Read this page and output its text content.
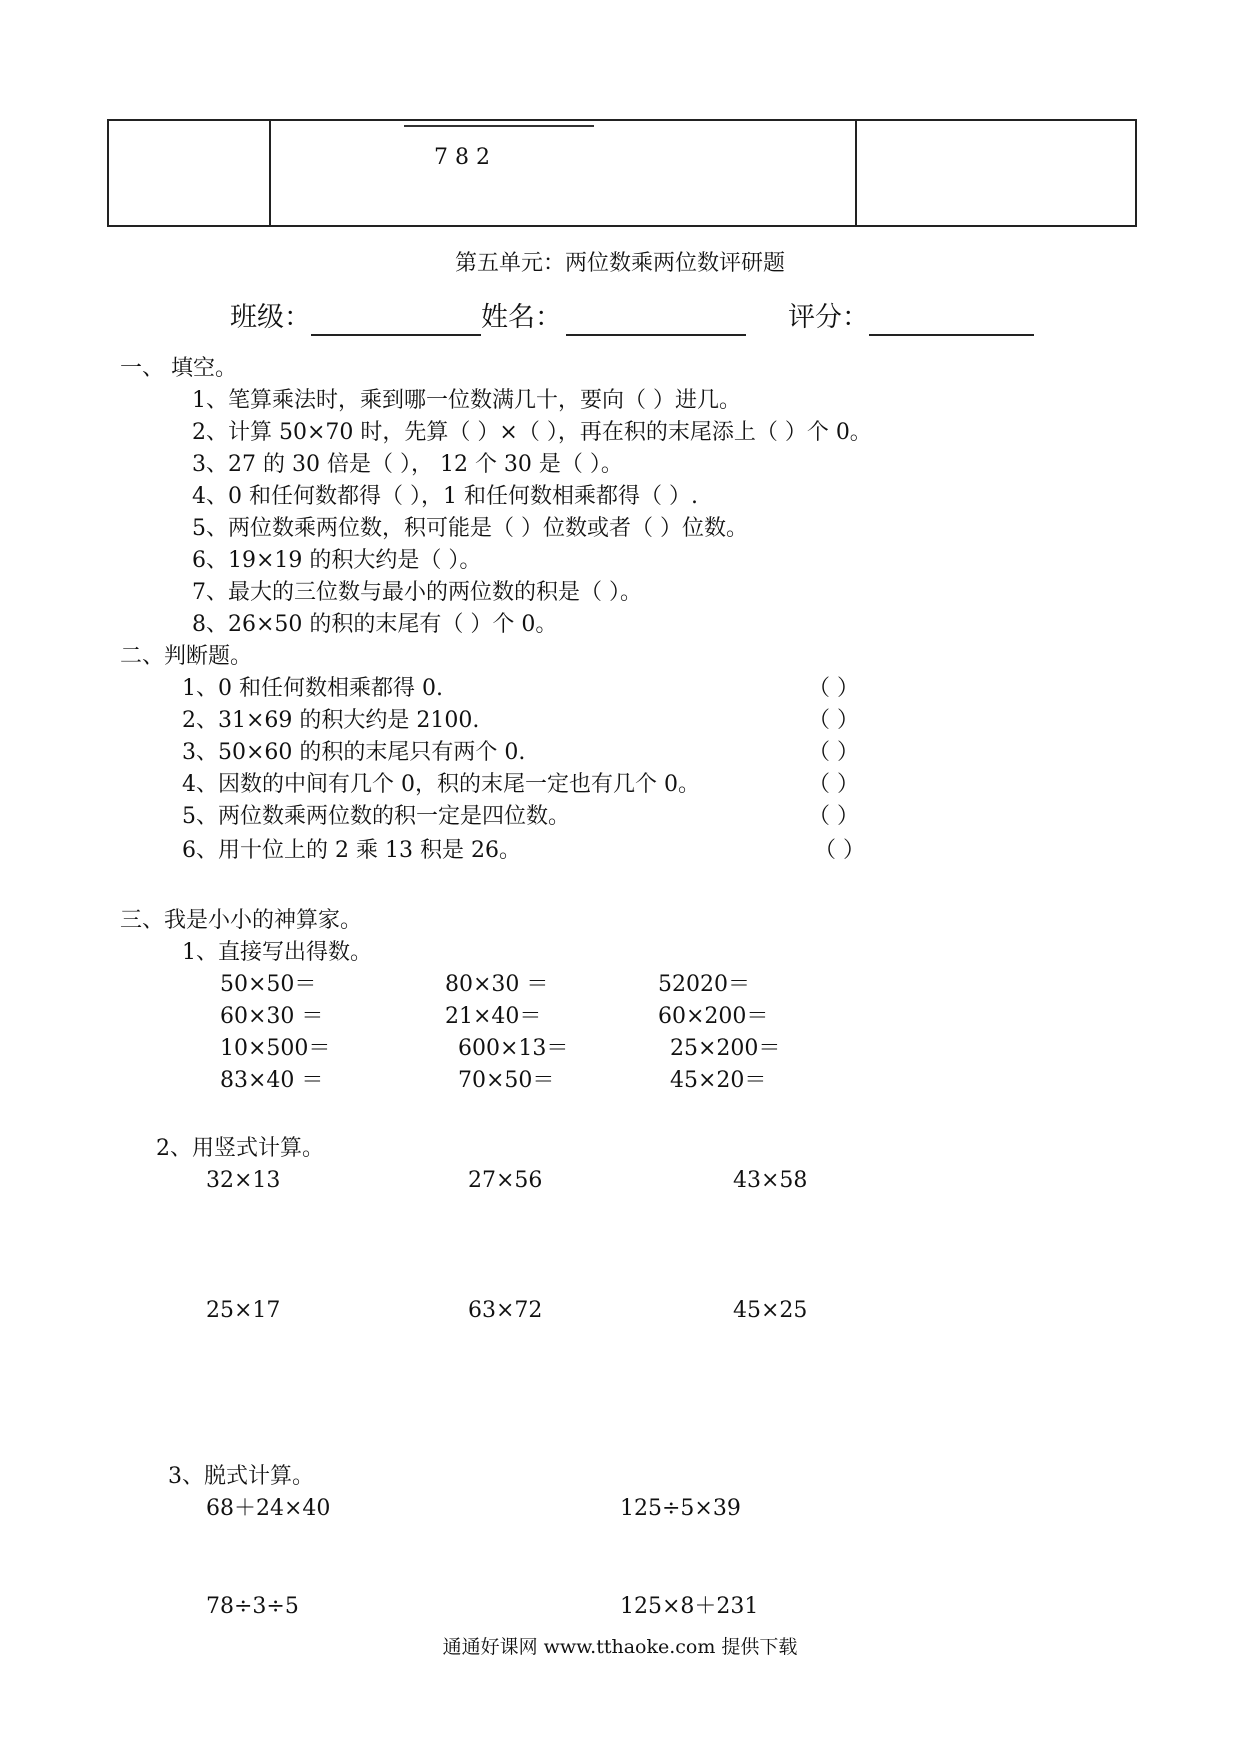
7 8 2
第五单元：两位数乘两位数评研题
班级：	姓名：	评分：
一、 填空。
1、笔算乘法时，乘到哪一位数满几十，要向（ ）进几。
2、计算 50×70 时，先算（ ）×（ ），再在积的末尾添上（ ）个 0。
3、27 的 30 倍是（ ）， 12 个 30 是（ ）。
4、0 和任何数都得（ ），1 和任何数相乘都得（ ）.
5、两位数乘两位数，积可能是（ ）位数或者（ ）位数。
6、19×19 的积大约是（ ）。
7、最大的三位数与最小的两位数的积是（ ）。
8、26×50 的积的末尾有（ ）个 0。
二、判断题。
1、0 和任何数相乘都得 0.	（ ）
2、31×69 的积大约是 2100.	（ ）
3、50×60 的积的末尾只有两个 0.	（ ）
4、因数的中间有几个 0，积的末尾一定也有几个 0。	（ ）
5、两位数乘两位数的积一定是四位数。	（ ）
6、用十位上的 2 乘 13 积是 26。	（ ）
三、我是小小的神算家。
1、直接写出得数。
50×50＝	80×30 ＝	52020＝
60×30 ＝	21×40＝	60×200＝
10×500＝	600×13＝	25×200＝
83×40 ＝	70×50＝	45×20＝
2、用竖式计算。
32×13	27×56	43×58
25×17	63×72	45×25
3、脱式计算。
68＋24×40	125÷5×39
78÷3÷5	125×8＋231
通通好课网 www.tthaoke.com 提供下载
